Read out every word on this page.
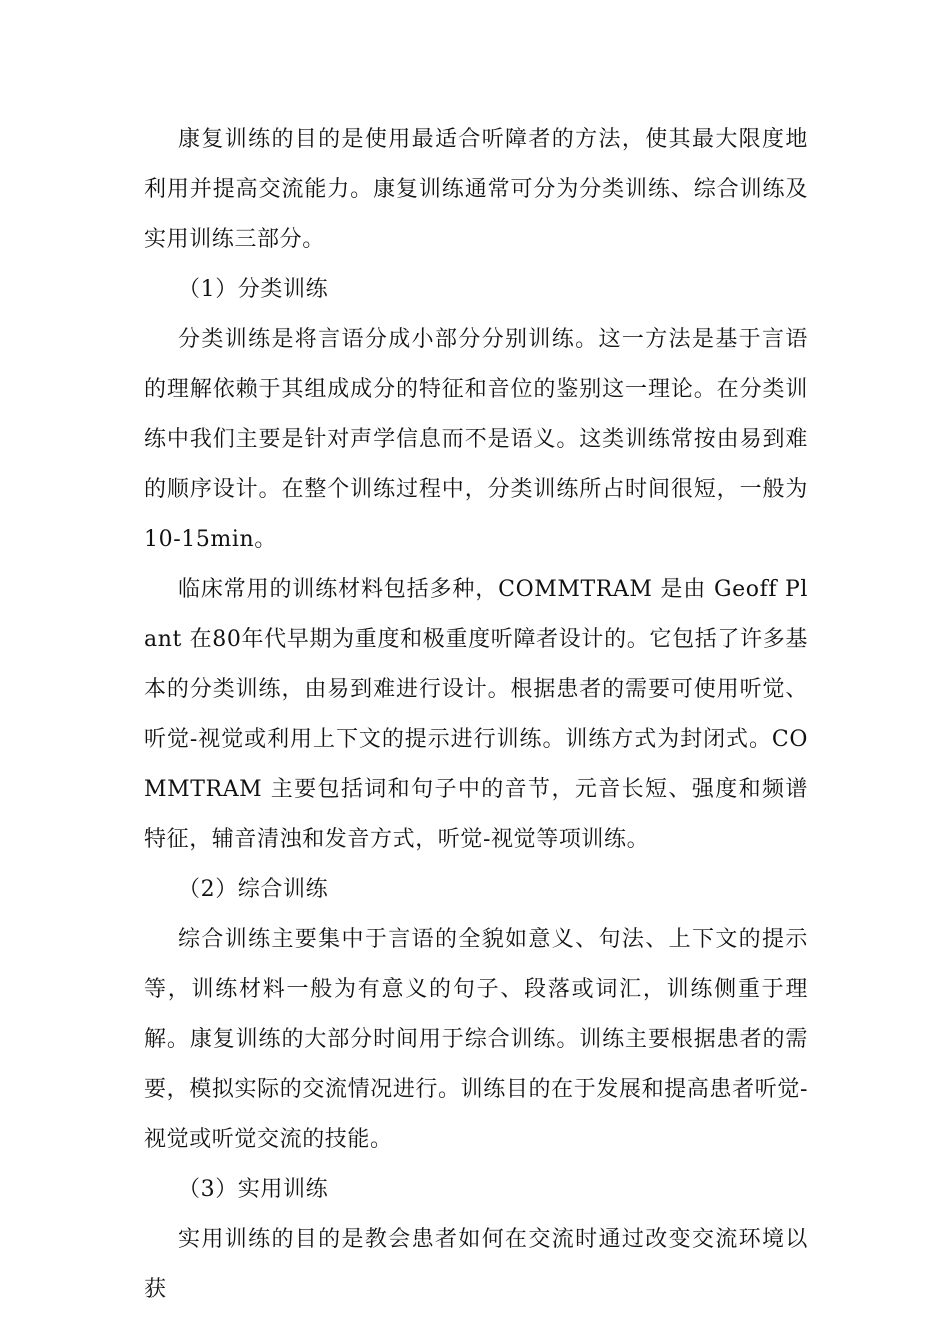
康复训练的目的是使用最适合听障者的方法，使其最大限度地利用并提高交流能力。康复训练通常可分为分类训练、综合训练及实用训练三部分。

（1）分类训练

分类训练是将言语分成小部分分别训练。这一方法是基于言语的理解依赖于其组成成分的特征和音位的鉴别这一理论。在分类训练中我们主要是针对声学信息而不是语义。这类训练常按由易到难的顺序设计。在整个训练过程中，分类训练所占时间很短，一般为10-15min。

临床常用的训练材料包括多种，COMMTRAM 是由 Geoff Plant 在80年代早期为重度和极重度听障者设计的。它包括了许多基本的分类训练，由易到难进行设计。根据患者的需要可使用听觉、听觉-视觉或利用上下文的提示进行训练。训练方式为封闭式。COMMTRAM 主要包括词和句子中的音节，元音长短、强度和频谱特征，辅音清浊和发音方式，听觉-视觉等项训练。

（2）综合训练

综合训练主要集中于言语的全貌如意义、句法、上下文的提示等，训练材料一般为有意义的句子、段落或词汇，训练侧重于理解。康复训练的大部分时间用于综合训练。训练主要根据患者的需要，模拟实际的交流情况进行。训练目的在于发展和提高患者听觉-视觉或听觉交流的技能。

（3）实用训练

实用训练的目的是教会患者如何在交流时通过改变交流环境以获
